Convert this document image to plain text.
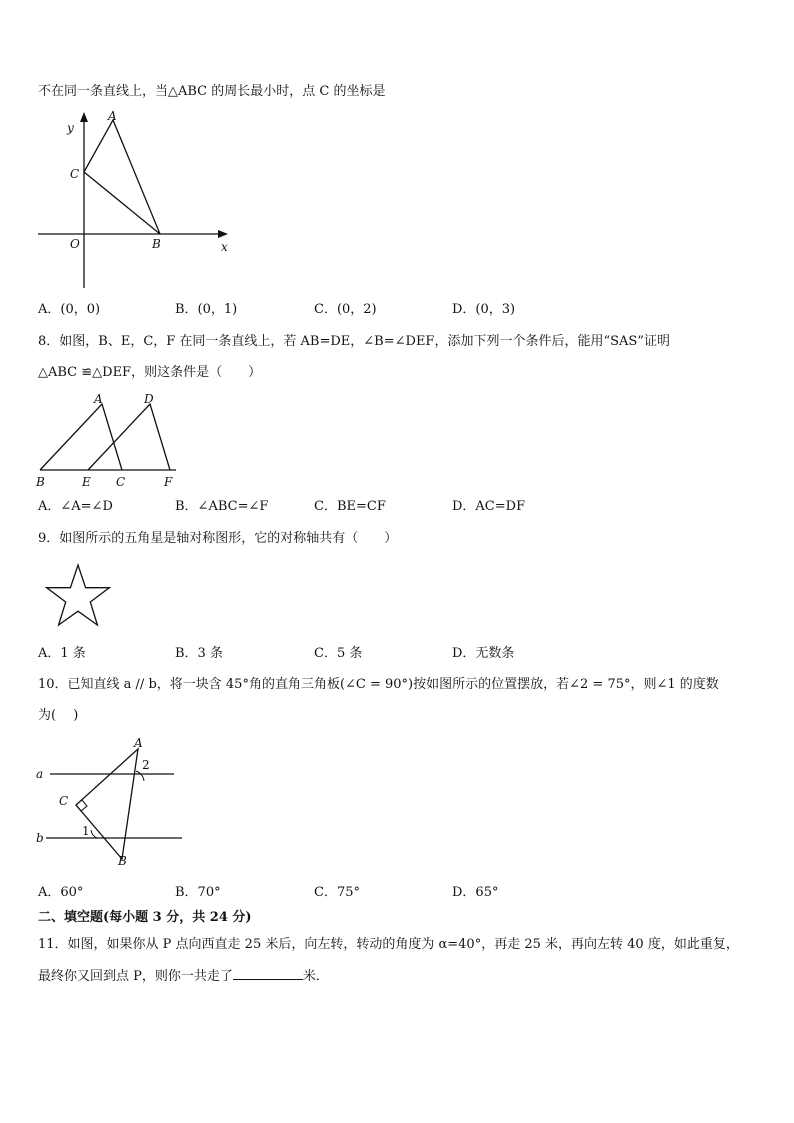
不在同一条直线上，当△ABC 的周长最小时，点 C 的坐标是
y
x
A
C
O	B
A．(0，0)	B．(0，1)	C．(0，2)	D．(0，3)
8．如图，B、E，C，F 在同一条直线上，若 AB=DE，∠B=∠DEF，添加下列一个条件后，能用“SAS”证明
△ABC ≌△DEF，则这条件是（　　）
A	D
B	E C	F
A．∠A=∠D	B．∠ABC=∠F	C．BE=CF	D．AC=DF
9．如图所示的五角星是轴对称图形，它的对称轴共有（　　）
A．1 条	B．3 条	C．5 条	D．无数条
10．已知直线 a // b，将一块含 45°角的直角三角板(∠C = 90°)按如图所示的位置摆放，若∠2 = 75°，则∠1 的度数
为(　 )
a
b
A
C
B
1
2
A．60°	B．70°	C．75°	D．65°
二、填空题(每小题 3 分，共 24 分)
11．如图，如果你从 P 点向西直走 25 米后，向左转，转动的角度为 α=40°，再走 25 米，再向左转 40 度，如此重复，
最终你又回到点 P，则你一共走了	米．
